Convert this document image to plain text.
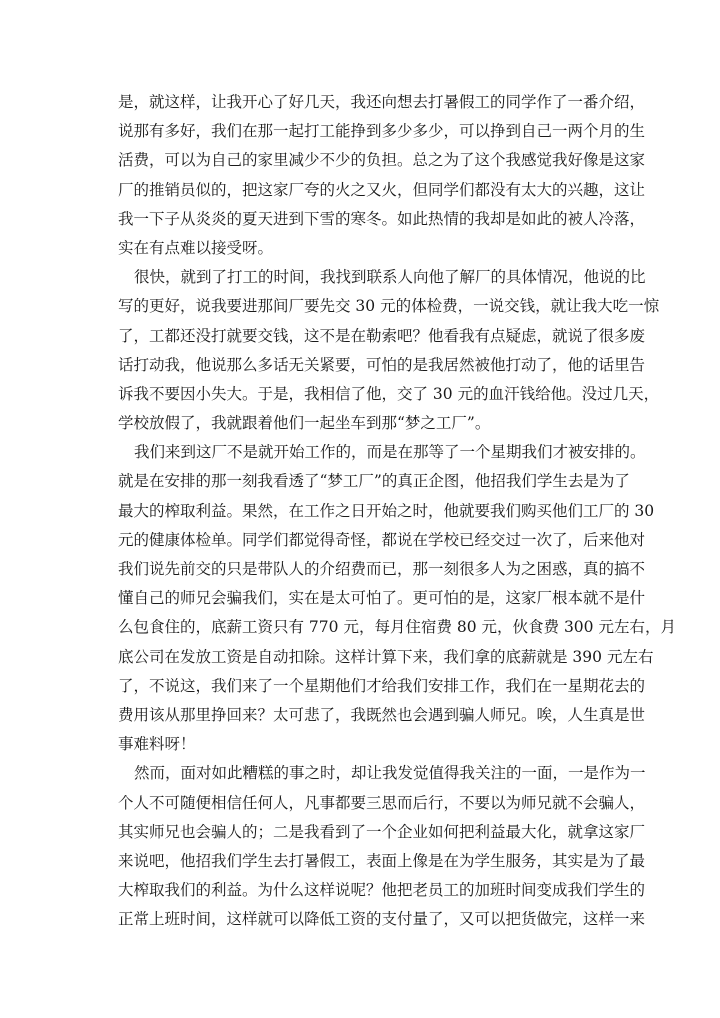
是，就这样，让我开心了好几天，我还向想去打暑假工的同学作了一番介绍，
说那有多好，我们在那一起打工能挣到多少多少，可以挣到自己一两个月的生
活费，可以为自己的家里减少不少的负担。总之为了这个我感觉我好像是这家
厂的推销员似的，把这家厂夸的火之又火，但同学们都没有太大的兴趣，这让
我一下子从炎炎的夏天进到下雪的寒冬。如此热情的我却是如此的被人冷落，
实在有点难以接受呀。
很快，就到了打工的时间，我找到联系人向他了解厂的具体情况，他说的比
写的更好，说我要进那间厂要先交 30 元的体检费，一说交钱，就让我大吃一惊
了，工都还没打就要交钱，这不是在勒索吧？他看我有点疑虑，就说了很多废
话打动我，他说那么多话无关紧要，可怕的是我居然被他打动了，他的话里告
诉我不要因小失大。于是，我相信了他，交了 30 元的血汗钱给他。没过几天，
学校放假了，我就跟着他们一起坐车到那“梦之工厂”。
我们来到这厂不是就开始工作的，而是在那等了一个星期我们才被安排的。
就是在安排的那一刻我看透了“梦工厂”的真正企图，他招我们学生去是为了
最大的榨取利益。果然，在工作之日开始之时，他就要我们购买他们工厂的 30
元的健康体检单。同学们都觉得奇怪，都说在学校已经交过一次了，后来他对
我们说先前交的只是带队人的介绍费而已，那一刻很多人为之困惑，真的搞不
懂自己的师兄会骗我们，实在是太可怕了。更可怕的是，这家厂根本就不是什
么包食住的，底薪工资只有 770 元，每月住宿费 80 元，伙食费 300 元左右，月
底公司在发放工资是自动扣除。这样计算下来，我们拿的底薪就是 390 元左右
了，不说这，我们来了一个星期他们才给我们安排工作，我们在一星期花去的
费用该从那里挣回来？太可悲了，我既然也会遇到骗人师兄。唉，人生真是世
事难料呀！
然而，面对如此糟糕的事之时，却让我发觉值得我关注的一面，一是作为一
个人不可随便相信任何人，凡事都要三思而后行，不要以为师兄就不会骗人，
其实师兄也会骗人的；二是我看到了一个企业如何把利益最大化，就拿这家厂
来说吧，他招我们学生去打暑假工，表面上像是在为学生服务，其实是为了最
大榨取我们的利益。为什么这样说呢？他把老员工的加班时间变成我们学生的
正常上班时间，这样就可以降低工资的支付量了，又可以把货做完，这样一来
